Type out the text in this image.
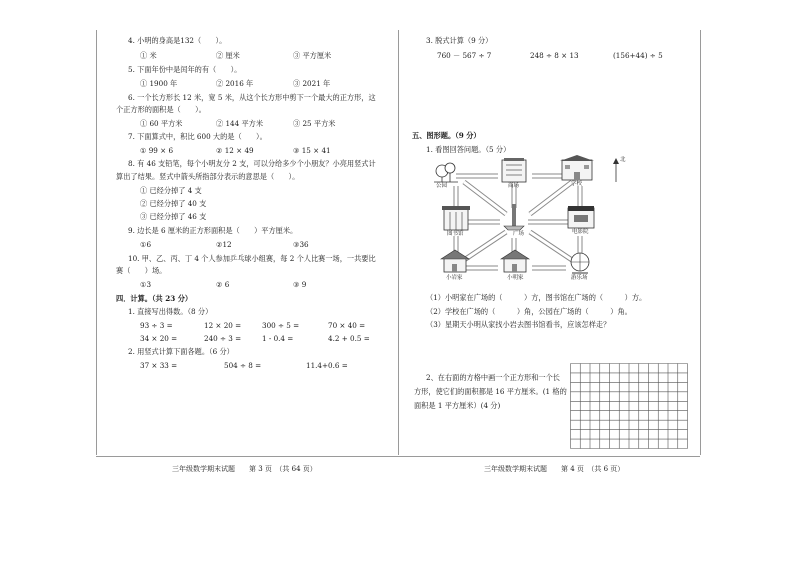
4. 小明的身高是132（　　）。
① 米	② 厘米	③ 平方厘米
5. 下面年份中是闰年的有（　　）。
① 1900 年	② 2016 年	③ 2021 年
6. 一个长方形长 12 米，宽 5 米，从这个长方形中剪下一个最大的正方形，这
个正方形的面积是（　　）。
① 60 平方米	② 144 平方米	③ 25 平方米
7. 下面算式中，积比 600 大的是（　　）。
① 99 × 6	② 12 × 49	③ 15 × 41
8. 有 46 支铅笔，每个小明友分 2 支，可以分给多少个小朋友？小亮用竖式计
算出了结果。竖式中箭头所指部分表示的意思是（　　）。
① 已经分掉了 4 支
② 已经分掉了 40 支
③ 已经分掉了 46 支
9. 边长是 6 厘米的正方形面积是（　　）平方厘米。
①6	②12	③36
10. 甲、乙、丙、丁 4 个人参加乒乓球小组赛，每 2 个人比赛一场，一共要比
赛（　　）场。
①3	② 6	③ 9
四．计算。（共 23 分）
1. 直接写出得数。（8 分）
93 ÷ 3 =	12 × 20 =	300 ÷ 5 =	70 × 40 =
34 × 20 =	240 ÷ 3 =	1 - 0.4 =	4.2 + 0.5 =
2. 用竖式计算下面各题。（6 分）
37 × 33 =	504 ÷ 8 =	11.4+0.6 =
三年级数学期末试题　　第 3 页　（共 64 页）
3. 脱式计算（9 分）
760 － 567 ÷ 7	248 ÷ 8 × 13	(156+44) ÷ 5
五、图形题。（9 分）
1. 看图回答问题。（5 分）
公园	商场	学校
北
图书馆	广场	电影院
小岩家	小明家	游乐场
（1）小明家在广场的（　　　）方，图书馆在广场的（　　　）方。
（2）学校在广场的（　　　）角，公园在广场的（　　　）角。
（3）星期天小明从家找小岩去图书馆看书，应该怎样走？
2、在右面的方格中画一个正方形和一个长
方形，使它们的面积都是 16 平方厘米。(1 格的
面积是 1 平方厘米）(4 分)
三年级数学期末试题　　第 4 页　（共 6 页）
